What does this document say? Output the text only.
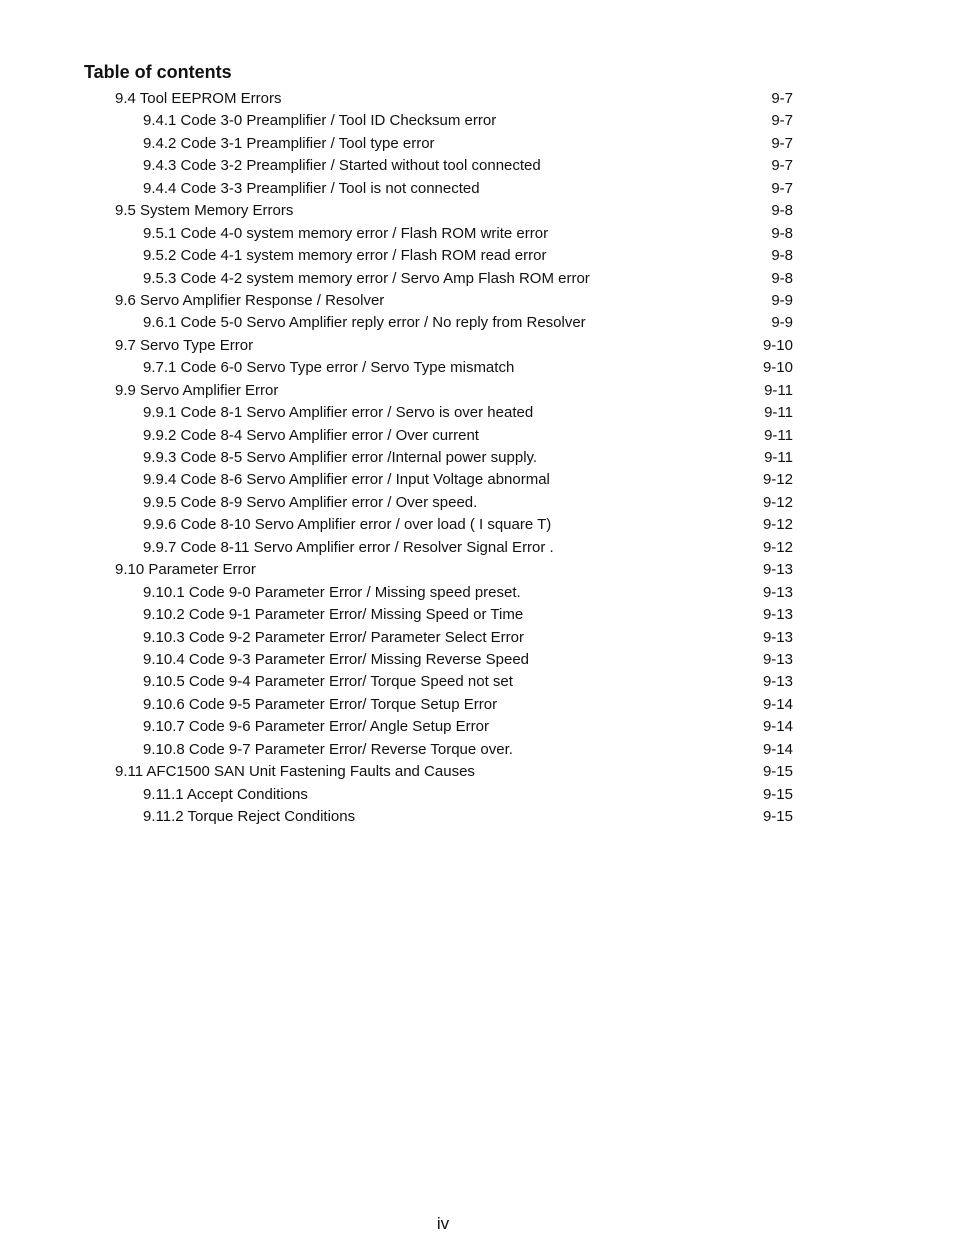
Table of contents
9.4 Tool EEPROM Errors	9-7
9.4.1 Code 3-0 Preamplifier / Tool ID Checksum error	9-7
9.4.2 Code 3-1 Preamplifier / Tool type error	9-7
9.4.3 Code 3-2 Preamplifier / Started without tool connected	9-7
9.4.4 Code 3-3 Preamplifier / Tool is not connected	9-7
9.5 System Memory Errors	9-8
9.5.1 Code 4-0 system memory error / Flash ROM write error	9-8
9.5.2 Code 4-1 system memory error / Flash ROM read error	9-8
9.5.3 Code 4-2 system memory error / Servo Amp Flash ROM error	9-8
9.6 Servo Amplifier Response / Resolver	9-9
9.6.1 Code 5-0 Servo Amplifier reply error / No reply from Resolver	9-9
9.7 Servo Type Error	9-10
9.7.1 Code 6-0 Servo Type error / Servo Type mismatch	9-10
9.9 Servo Amplifier Error	9-11
9.9.1 Code 8-1 Servo Amplifier error / Servo is over heated	9-11
9.9.2 Code 8-4 Servo Amplifier error / Over current	9-11
9.9.3 Code 8-5 Servo Amplifier error /Internal power supply.	9-11
9.9.4 Code 8-6 Servo Amplifier error / Input Voltage abnormal	9-12
9.9.5 Code 8-9 Servo Amplifier error / Over speed.	9-12
9.9.6 Code 8-10 Servo Amplifier error / over load ( I square T)	9-12
9.9.7 Code 8-11 Servo Amplifier error / Resolver Signal Error .	9-12
9.10 Parameter Error	9-13
9.10.1 Code 9-0 Parameter Error / Missing speed preset.	9-13
9.10.2 Code 9-1 Parameter Error/ Missing Speed or Time	9-13
9.10.3 Code 9-2 Parameter Error/ Parameter Select Error	9-13
9.10.4 Code 9-3 Parameter Error/ Missing Reverse Speed	9-13
9.10.5 Code 9-4 Parameter Error/ Torque Speed not set	9-13
9.10.6 Code 9-5 Parameter Error/ Torque Setup Error	9-14
9.10.7 Code 9-6 Parameter Error/ Angle Setup Error	9-14
9.10.8 Code 9-7 Parameter Error/ Reverse Torque over.	9-14
9.11 AFC1500 SAN Unit Fastening Faults and Causes	9-15
9.11.1 Accept Conditions	9-15
9.11.2 Torque Reject Conditions	9-15
iv
